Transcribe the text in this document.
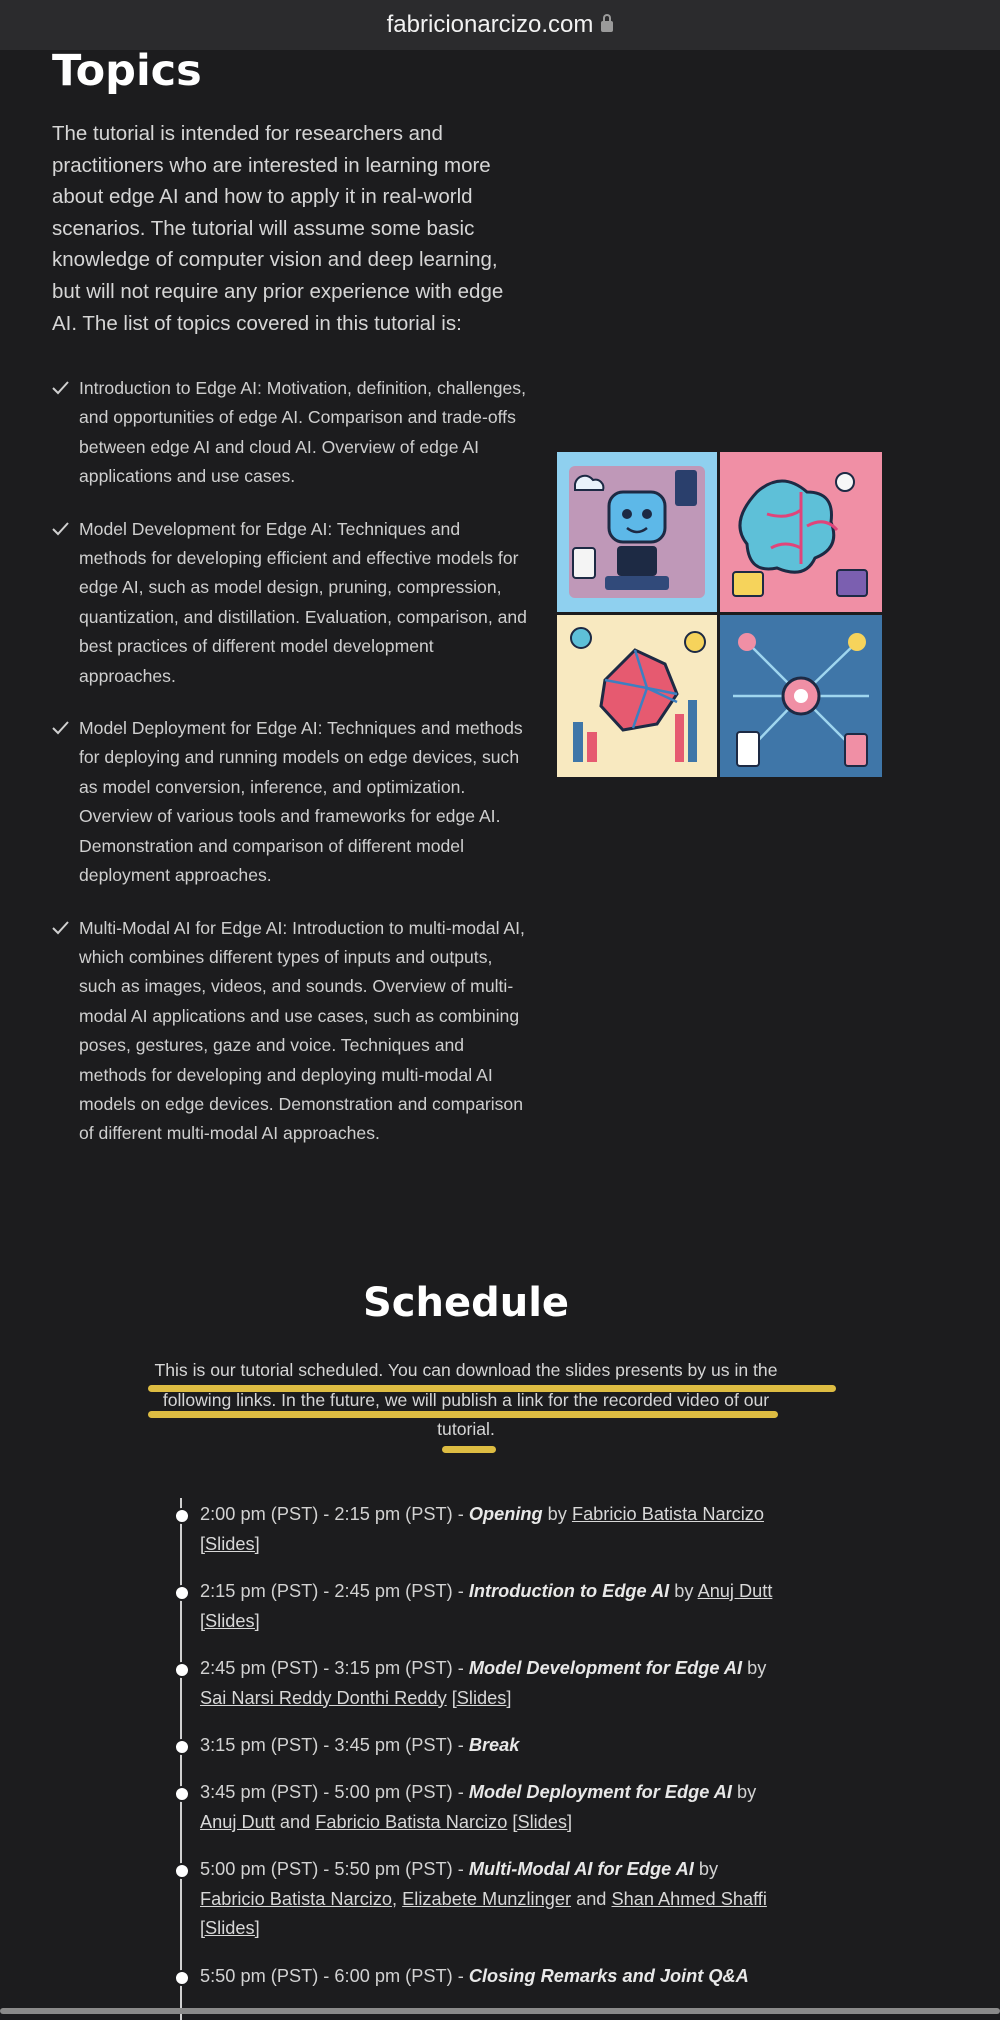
fabricionarcizo.com
Topics
The tutorial is intended for researchers and practitioners who are interested in learning more about edge AI and how to apply it in real-world scenarios. The tutorial will assume some basic knowledge of computer vision and deep learning, but will not require any prior experience with edge AI. The list of topics covered in this tutorial is:
Introduction to Edge AI: Motivation, definition, challenges, and opportunities of edge AI. Comparison and trade-offs between edge AI and cloud AI. Overview of edge AI applications and use cases.
Model Development for Edge AI: Techniques and methods for developing efficient and effective models for edge AI, such as model design, pruning, compression, quantization, and distillation. Evaluation, comparison, and best practices of different model development approaches.
Model Deployment for Edge AI: Techniques and methods for deploying and running models on edge devices, such as model conversion, inference, and optimization. Overview of various tools and frameworks for edge AI. Demonstration and comparison of different model deployment approaches.
Multi-Modal AI for Edge AI: Introduction to multi-modal AI, which combines different types of inputs and outputs, such as images, videos, and sounds. Overview of multi-modal AI applications and use cases, such as combining poses, gestures, gaze and voice. Techniques and methods for developing and deploying multi-modal AI models on edge devices. Demonstration and comparison of different multi-modal AI approaches.
Schedule
This is our tutorial scheduled. You can download the slides presents by us in the following links. In the future, we will publish a link for the recorded video of our tutorial.
2:00 pm (PST) - 2:15 pm (PST) - Opening by Fabricio Batista Narcizo
[Slides]
2:15 pm (PST) - 2:45 pm (PST) - Introduction to Edge AI by Anuj Dutt
[Slides]
2:45 pm (PST) - 3:15 pm (PST) - Model Development for Edge AI by
Sai Narsi Reddy Donthi Reddy [Slides]
3:15 pm (PST) - 3:45 pm (PST) - Break
3:45 pm (PST) - 5:00 pm (PST) - Model Deployment for Edge AI by
Anuj Dutt and Fabricio Batista Narcizo [Slides]
5:00 pm (PST) - 5:50 pm (PST) - Multi-Modal AI for Edge AI by
Fabricio Batista Narcizo, Elizabete Munzlinger and Shan Ahmed Shaffi
[Slides]
5:50 pm (PST) - 6:00 pm (PST) - Closing Remarks and Joint Q&A
